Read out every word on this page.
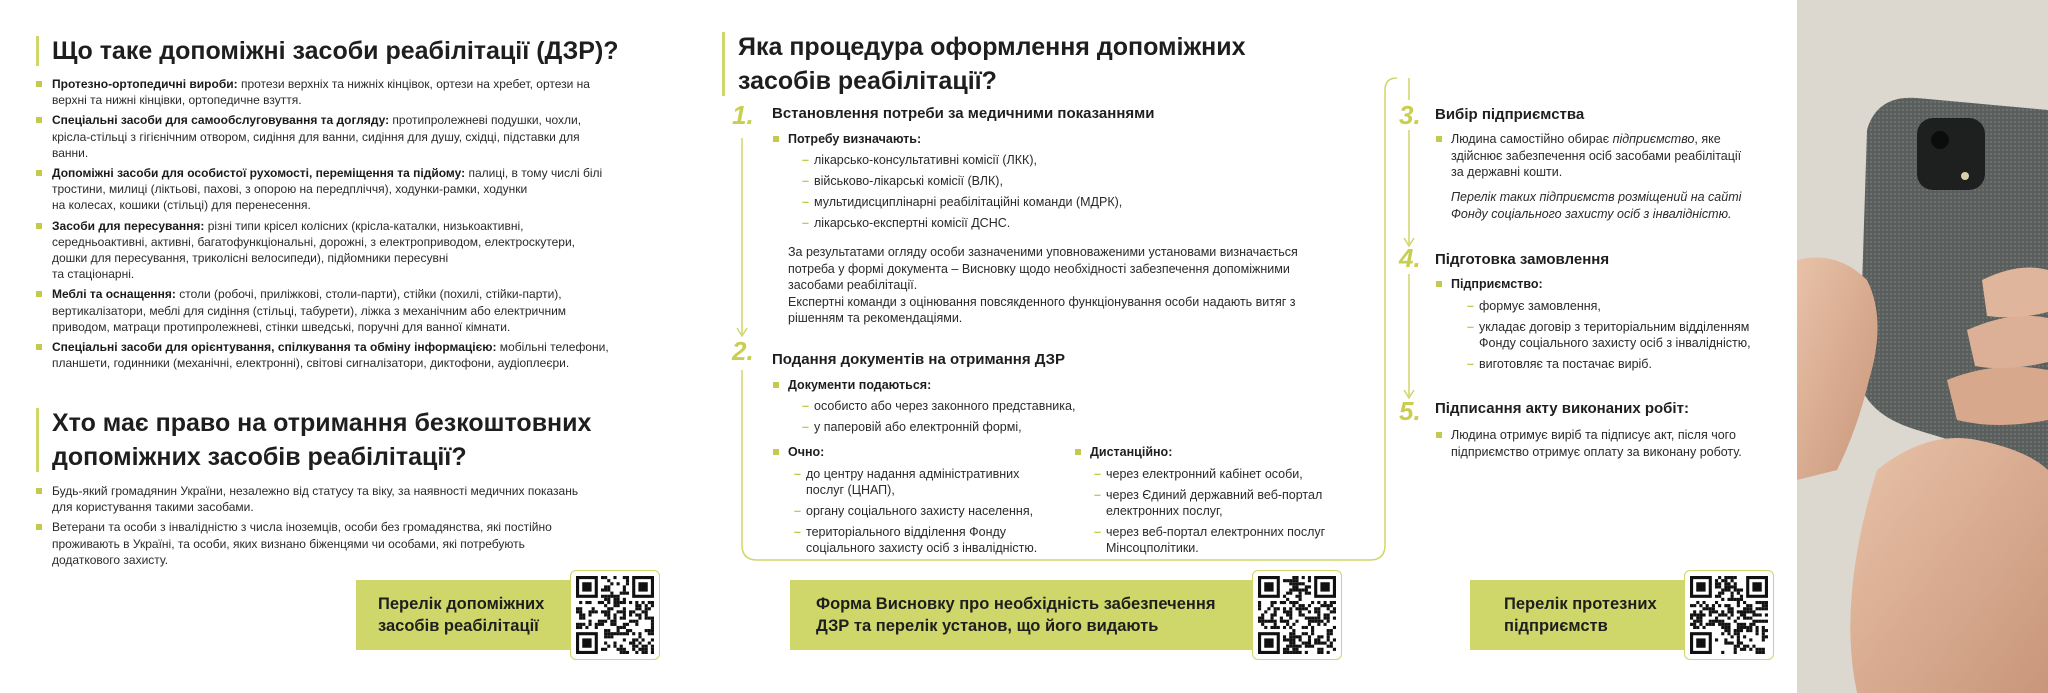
Що таке допоміжні засоби реабілітації (ДЗР)?
Протезно-ортопедичні вироби: протези верхніх та нижніх кінцівок, ортези на хребет, ортези на
верхні та нижні кінцівки, ортопедичне взуття.
Спеціальні засоби для самообслуговування та догляду: протипролежневі подушки, чохли,
крісла-стільці з гігієнічним отвором, сидіння для ванни, сидіння для душу, східці, підставки для
ванни.
Допоміжні засоби для особистої рухомості, переміщення та підйому: палиці, в тому числі білі
тростини, милиці (ліктьові, пахові, з опорою на передпліччя), ходунки-рамки, ходунки
на колесах, кошики (стільці) для перенесення.
Засоби для пересування: різні типи крісел колісних (крісла-каталки, низькоактивні,
середньоактивні, активні, багатофункціональні, дорожні, з електроприводом, електроскутери,
дошки для пересування, триколісні велосипеди), підйомники пересувні
та стаціонарні.
Меблі та оснащення: столи (робочі, приліжкові, столи-парти), стійки (похилі, стійки-парти),
вертикалізатори, меблі для сидіння (стільці, табурети), ліжка з механічним або електричним
приводом, матраци протипролежневі, стінки шведські, поручні для ванної кімнати.
Спеціальні засоби для орієнтування, спілкування та обміну інформацією: мобільні телефони,
планшети, годинники (механічні, електронні), світові сигналізатори, диктофони, аудіоплеєри.
Хто має право на отримання безкоштовних
допоміжних засобів реабілітації?
Будь-який громадянин України, незалежно від статусу та віку, за наявності медичних показань
для користування такими засобами.
Ветерани та особи з інвалідністю з числа іноземців, особи без громадянства, які постійно
проживають в Україні, та особи, яких визнано біженцями чи особами, які потребують
додаткового захисту.
Перелік допоміжних
засобів реабілітації
Яка процедура оформлення допоміжних
засобів реабілітації?
1. Встановлення потреби за медичними показаннями
Потребу визначають:
– лікарсько-консультативні комісії (ЛКК),
– військово-лікарські комісії (ВЛК),
– мультидисциплінарні реабілітаційні команди (МДРК),
– лікарсько-експертні комісії ДСНС.
За результатами огляду особи зазначеними уповноваженими установами визначається
потреба у формі документа – Висновку щодо необхідності забезпечення допоміжними
засобами реабілітації.
Експертні команди з оцінювання повсякденного функціонування особи надають витяг з
рішенням та рекомендаціями.
2. Подання документів на отримання ДЗР
Документи подаються:
– особисто або через законного представника,
– у паперовій або електронній формі,
Очно:
– до центру надання адміністративних
послуг (ЦНАП),
– органу соціального захисту населення,
– територіального відділення Фонду
соціального захисту осіб з інвалідністю.
Дистанційно:
– через електронний кабінет особи,
– через Єдиний державний веб-портал
електронних послуг,
– через веб-портал електронних послуг
Мінсоцполітики.
Форма Висновку про необхідність забезпечення
ДЗР та перелік установ, що його видають
3. Вибір підприємства
Людина самостійно обирає підприємство, яке
здійснює забезпечення осіб засобами реабілітації
за державні кошти.
Перелік таких підприємств розміщений на сайті
Фонду соціального захисту осіб з інвалідністю.
4. Підготовка замовлення
Підприємство:
– формує замовлення,
– укладає договір з територіальним відділенням
Фонду соціального захисту осіб з інвалідністю,
– виготовляє та постачає виріб.
5. Підписання акту виконаних робіт:
Людина отримує виріб та підписує акт, після чого
підприємство отримує оплату за виконану роботу.
Перелік протезних
підприємств
